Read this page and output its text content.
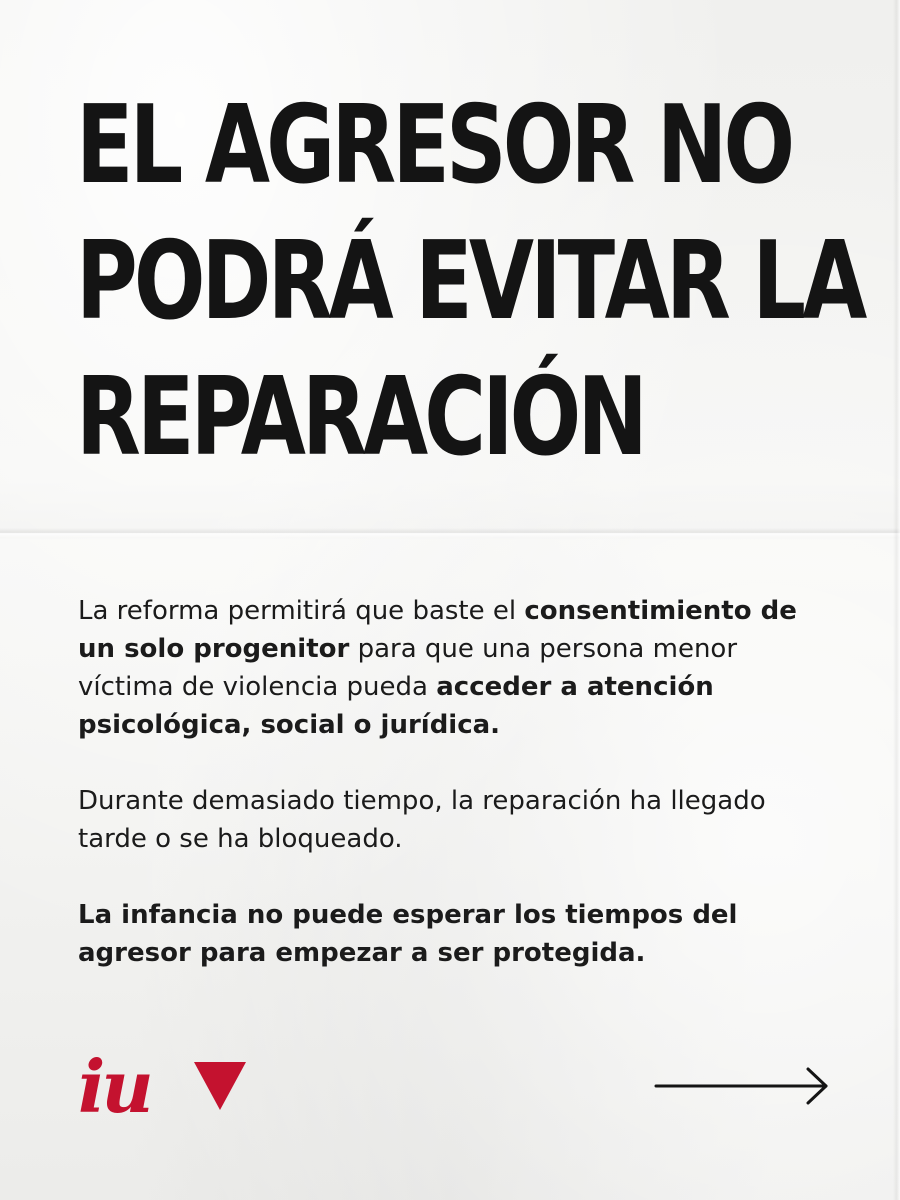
EL AGRESOR NO
PODRÁ EVITAR LA
REPARACIÓN

La reforma permitirá que baste el consentimiento de un solo progenitor para que una persona menor víctima de violencia pueda acceder a atención psicológica, social o jurídica.

Durante demasiado tiempo, la reparación ha llegado tarde o se ha bloqueado.

La infancia no puede esperar los tiempos del agresor para empezar a ser protegida.

iu
